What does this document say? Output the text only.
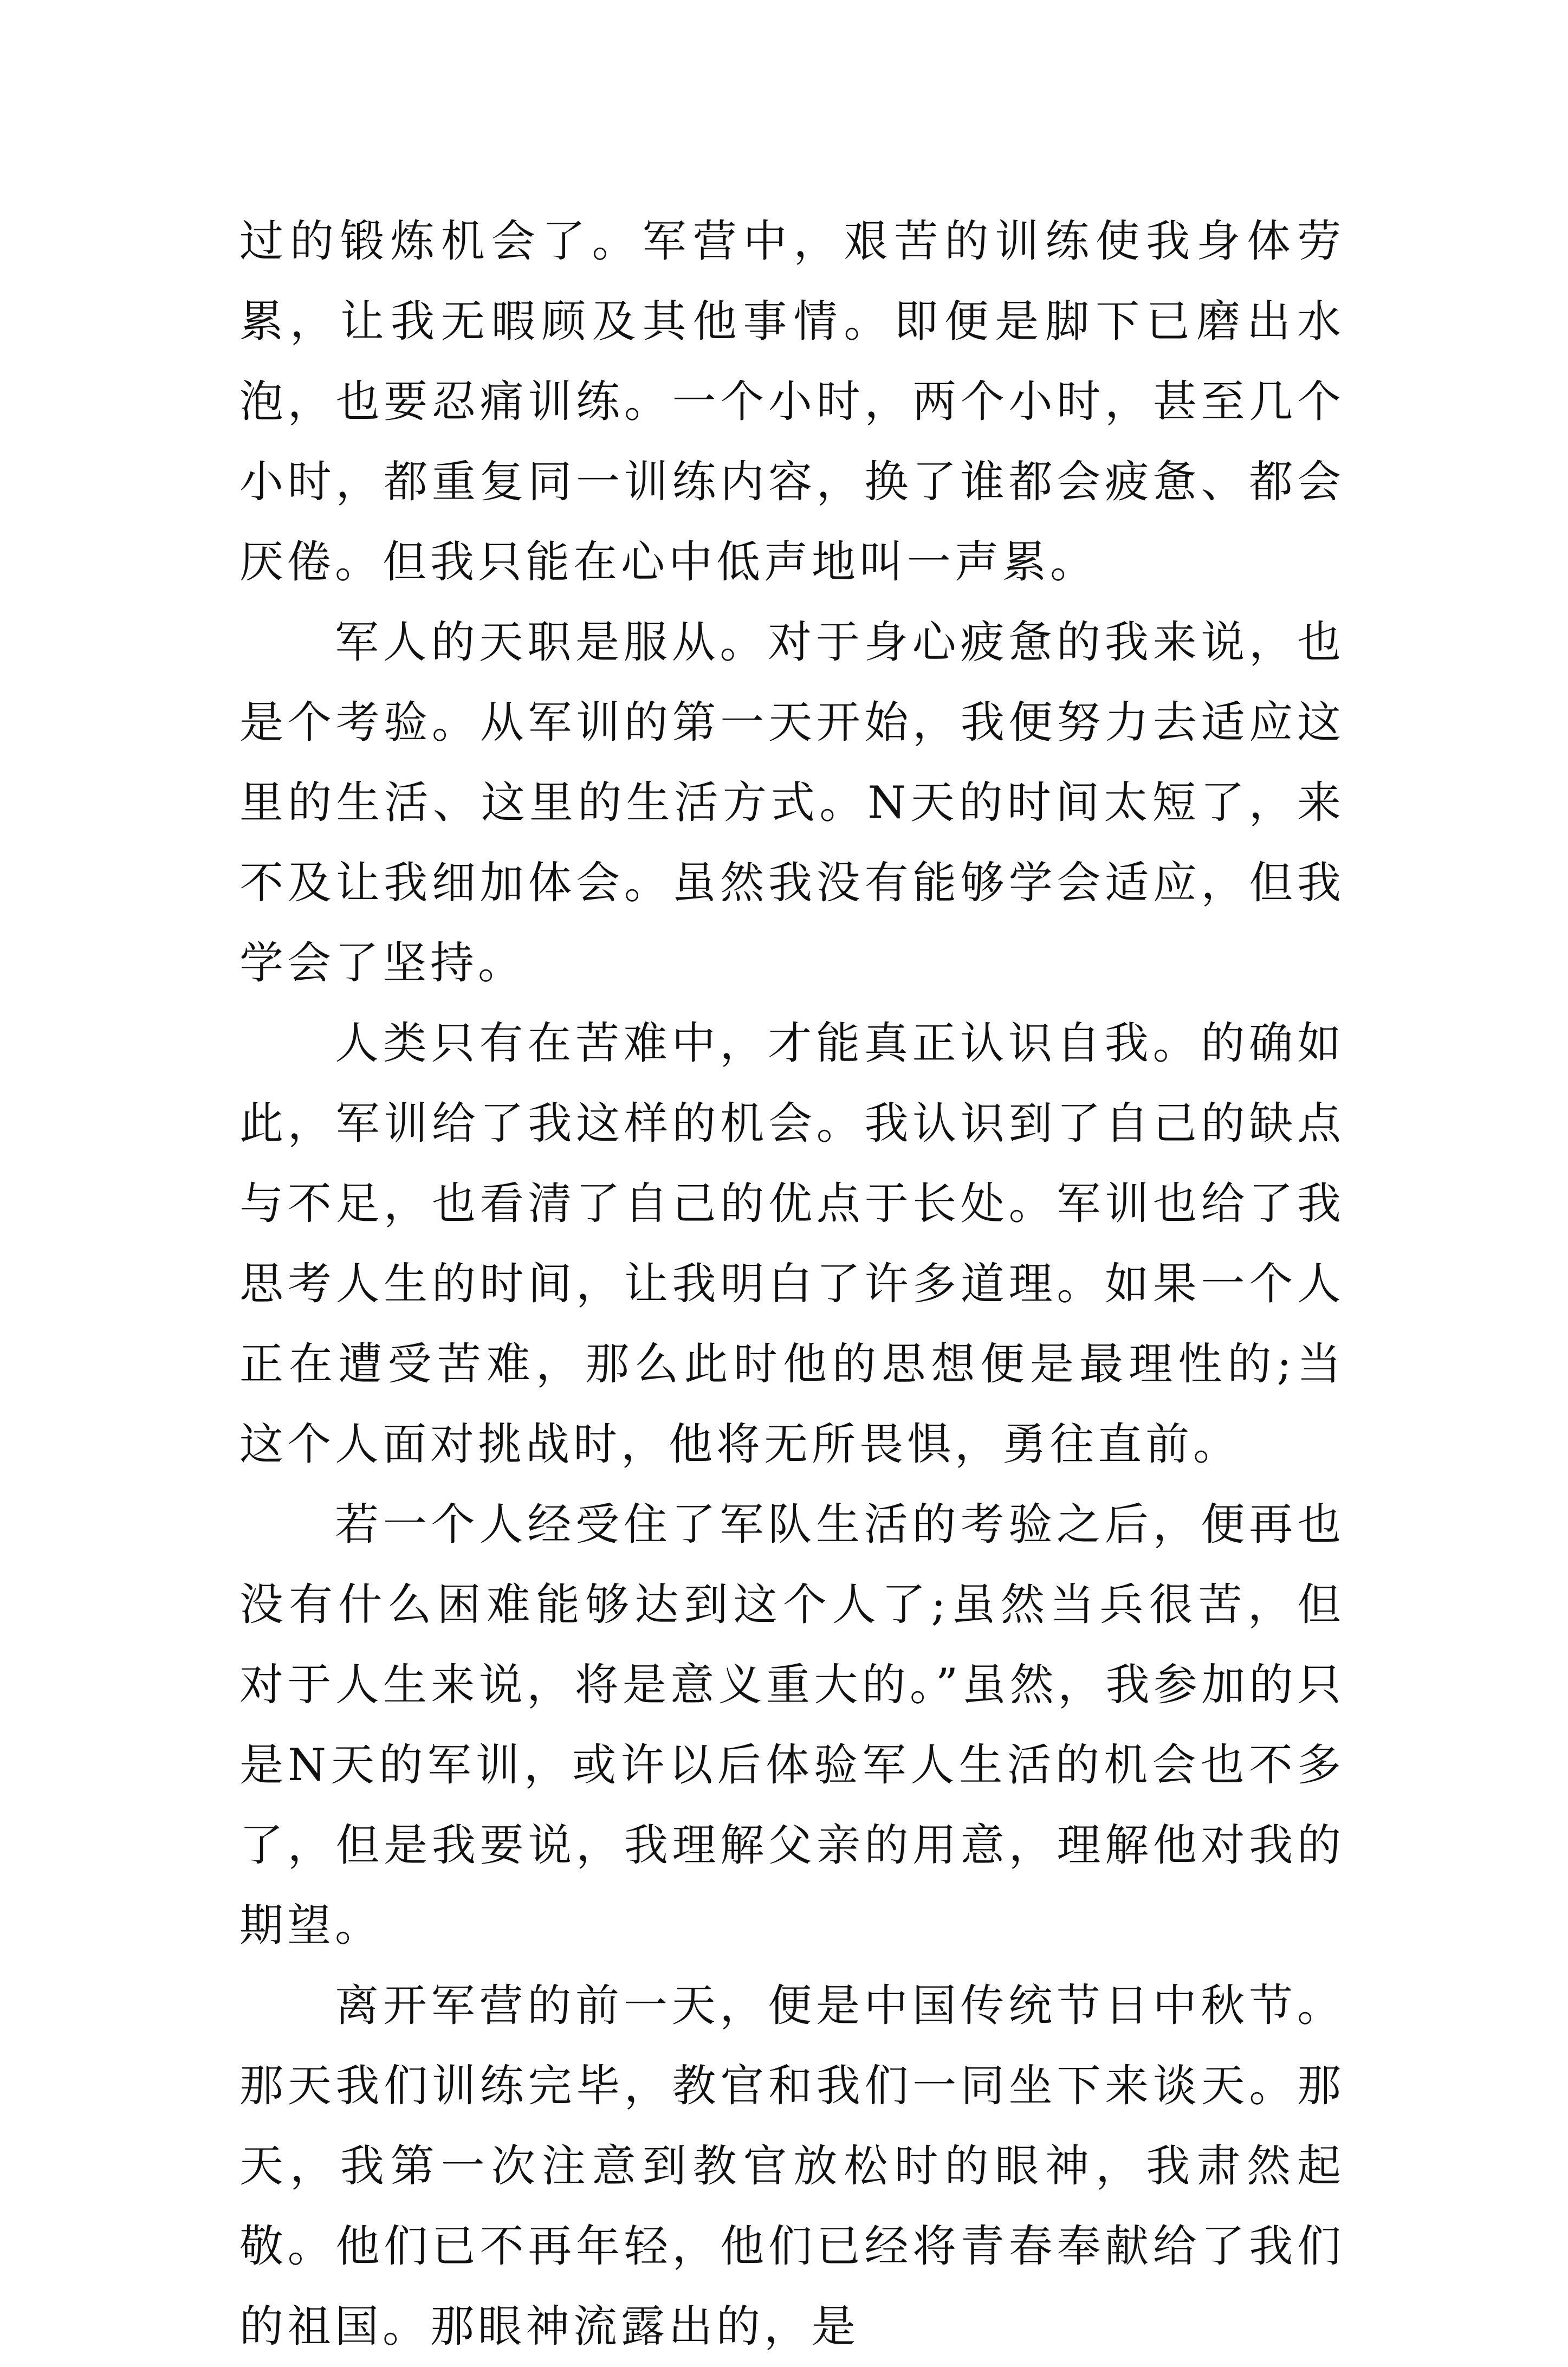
过的锻炼机会了。军营中，艰苦的训练使我身体劳累，让我无暇顾及其他事情。即便是脚下已磨出水泡，也要忍痛训练。一个小时，两个小时，甚至几个小时，都重复同一训练内容，换了谁都会疲惫、都会厌倦。但我只能在心中低声地叫一声累。

军人的天职是服从。对于身心疲惫的我来说，也是个考验。从军训的第一天开始，我便努力去适应这里的生活、这里的生活方式。N天的时间太短了，来不及让我细加体会。虽然我没有能够学会适应，但我学会了坚持。

人类只有在苦难中，才能真正认识自我。的确如此，军训给了我这样的机会。我认识到了自己的缺点与不足，也看清了自己的优点于长处。军训也给了我思考人生的时间，让我明白了许多道理。如果一个人正在遭受苦难，那么此时他的思想便是最理性的;当这个人面对挑战时，他将无所畏惧，勇往直前。

若一个人经受住了军队生活的考验之后，便再也没有什么困难能够达到这个人了;虽然当兵很苦，但对于人生来说，将是意义重大的。”虽然，我参加的只是N天的军训，或许以后体验军人生活的机会也不多了，但是我要说，我理解父亲的用意，理解他对我的期望。

离开军营的前一天，便是中国传统节日中秋节。那天我们训练完毕，教官和我们一同坐下来谈天。那天，我第一次注意到教官放松时的眼神，我肃然起敬。他们已不再年轻，他们已经将青春奉献给了我们的祖国。那眼神流露出的，是
